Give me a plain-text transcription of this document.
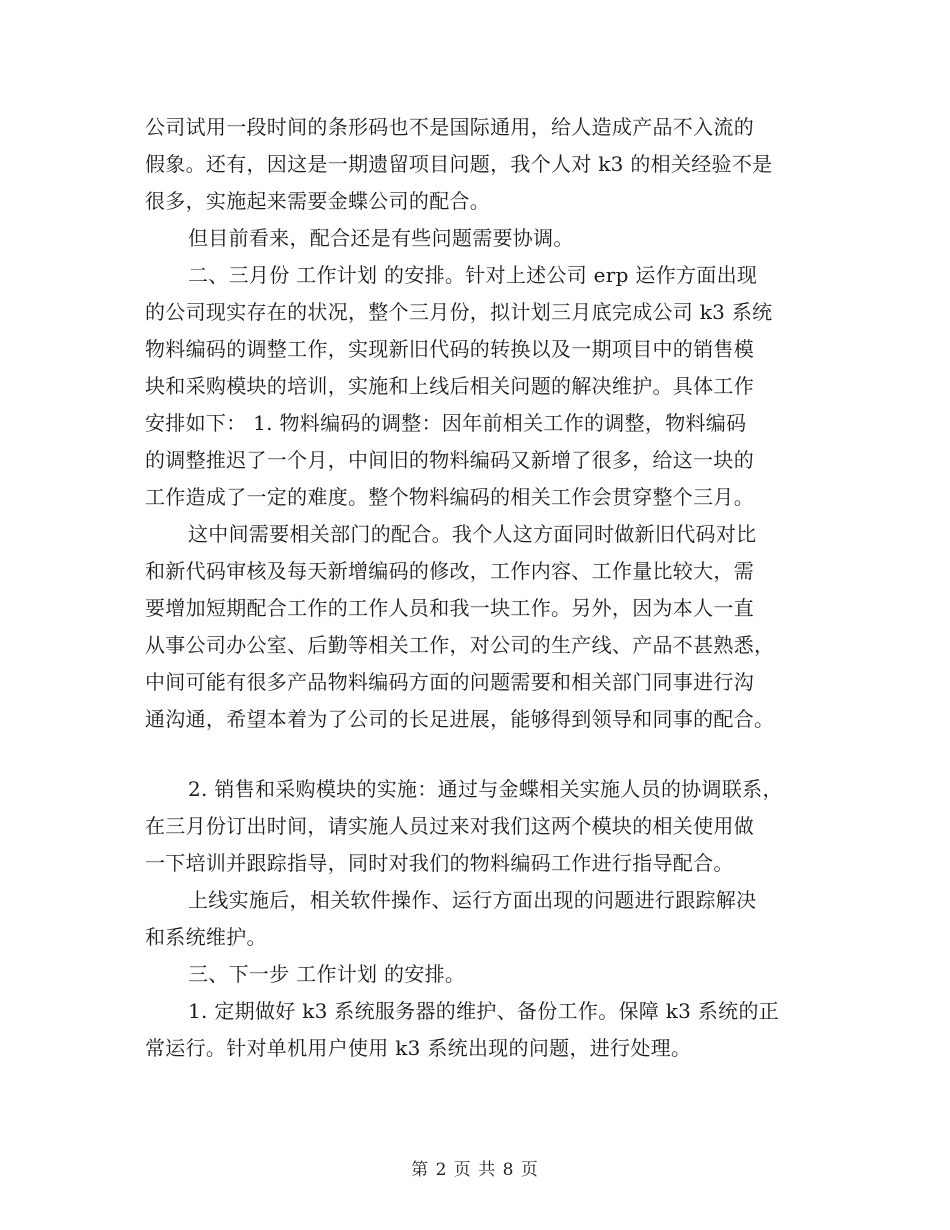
公司试用一段时间的条形码也不是国际通用，给人造成产品不入流的
假象。还有，因这是一期遗留项目问题，我个人对 k3 的相关经验不是
很多，实施起来需要金蝶公司的配合。
但目前看来，配合还是有些问题需要协调。
二、三月份 工作计划 的安排。针对上述公司 erp 运作方面出现
的公司现实存在的状况，整个三月份，拟计划三月底完成公司 k3 系统
物料编码的调整工作，实现新旧代码的转换以及一期项目中的销售模
块和采购模块的培训，实施和上线后相关问题的解决维护。具体工作
安排如下： 1. 物料编码的调整：因年前相关工作的调整，物料编码
的调整推迟了一个月，中间旧的物料编码又新增了很多，给这一块的
工作造成了一定的难度。整个物料编码的相关工作会贯穿整个三月。
这中间需要相关部门的配合。我个人这方面同时做新旧代码对比
和新代码审核及每天新增编码的修改，工作内容、工作量比较大，需
要增加短期配合工作的工作人员和我一块工作。另外，因为本人一直
从事公司办公室、后勤等相关工作，对公司的生产线、产品不甚熟悉，
中间可能有很多产品物料编码方面的问题需要和相关部门同事进行沟
通沟通，希望本着为了公司的长足进展，能够得到领导和同事的配合。
2. 销售和采购模块的实施：通过与金蝶相关实施人员的协调联系，
在三月份订出时间，请实施人员过来对我们这两个模块的相关使用做
一下培训并跟踪指导，同时对我们的物料编码工作进行指导配合。
上线实施后，相关软件操作、运行方面出现的问题进行跟踪解决
和系统维护。
三、下一步 工作计划 的安排。
1. 定期做好 k3 系统服务器的维护、备份工作。保障 k3 系统的正
常运行。针对单机用户使用 k3 系统出现的问题，进行处理。
第 2 页 共 8 页
